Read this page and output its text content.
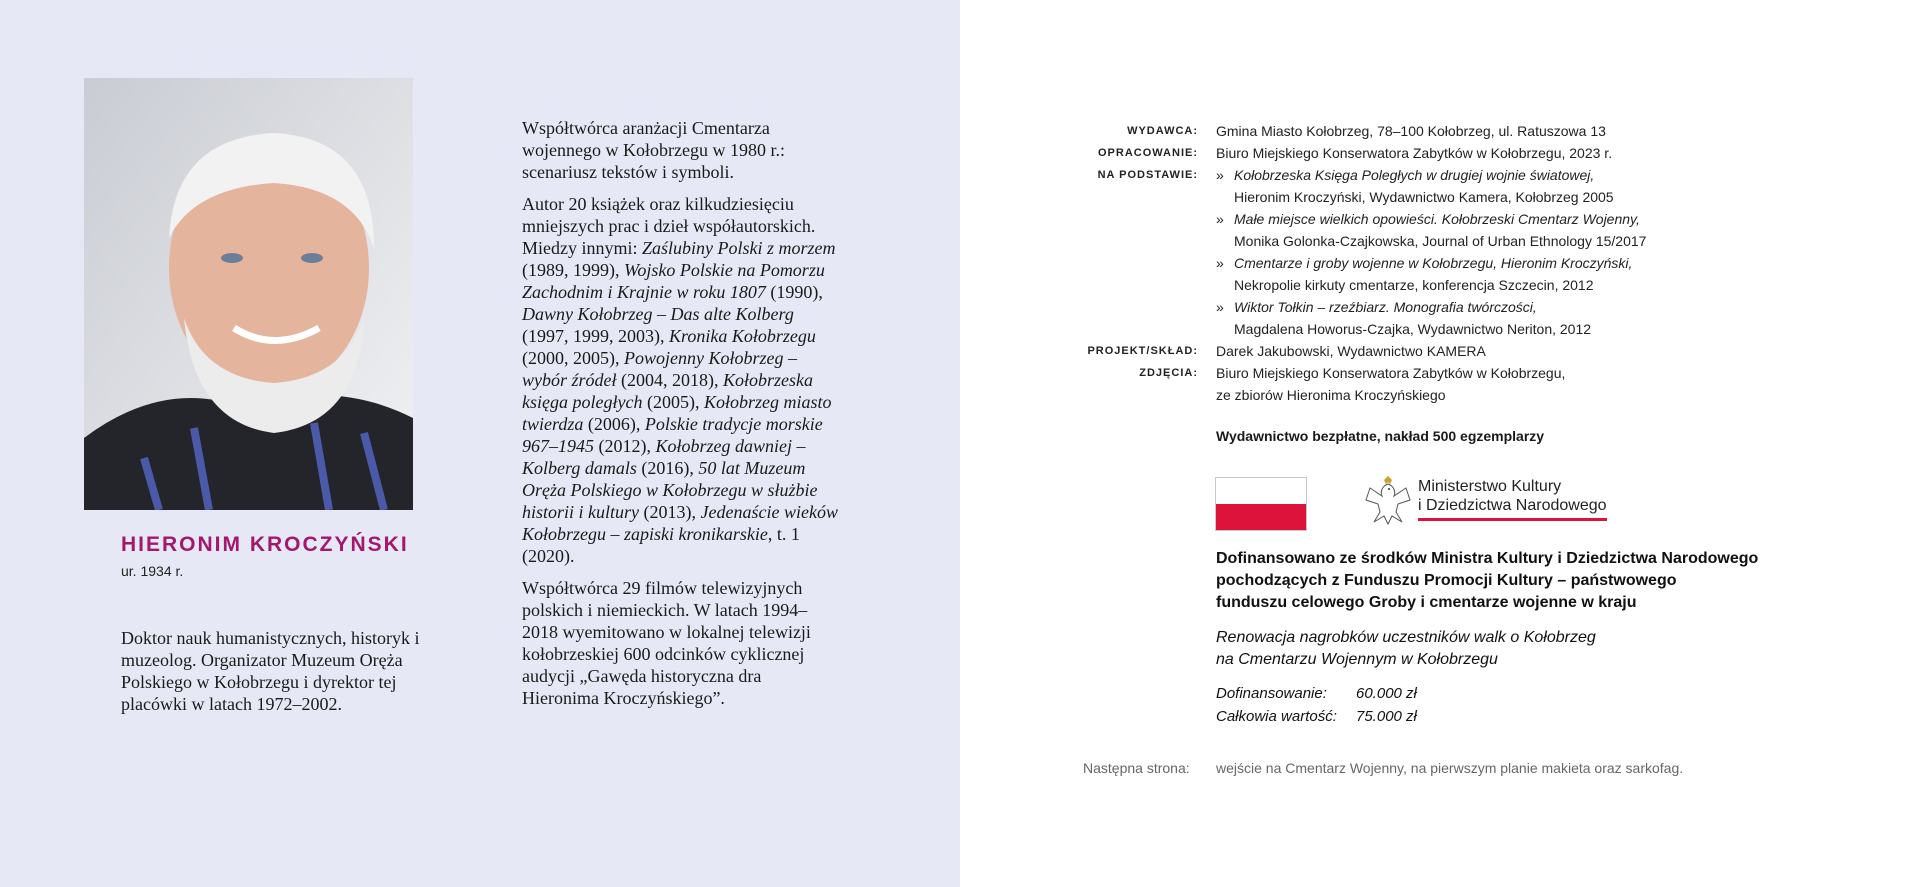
HIERONIM KROCZYŃSKI
ur. 1934 r.
Doktor nauk humanistycznych, historyk i muzeolog. Organizator Muzeum Oręża Polskiego w Kołobrzegu i dyrektor tej placówki w latach 1972–2002.

Współtwórca aranżacji Cmentarza wojennego w Kołobrzegu w 1980 r.: scenariusz tekstów i symboli.

Autor 20 książek oraz kilkudziesięciu mniejszych prac i dzieł współautorskich. Miedzy innymi: Zaślubiny Polski z morzem (1989, 1999), Wojsko Polskie na Pomorzu Zachodnim i Krajnie w roku 1807 (1990), Dawny Kołobrzeg – Das alte Kolberg (1997, 1999, 2003), Kronika Kołobrzegu (2000, 2005), Powojenny Kołobrzeg – wybór źródeł (2004, 2018), Kołobrzeska księga poległych (2005), Kołobrzeg miasto twierdza (2006), Polskie tradycje morskie 967–1945 (2012), Kołobrzeg dawniej – Kolberg damals (2016), 50 lat Muzeum Oręża Polskiego w Kołobrzegu w służbie historii i kultury (2013), Jedenaście wieków Kołobrzegu – zapiski kronikarskie, t. 1 (2020).

Współtwórca 29 filmów telewizyjnych polskich i niemieckich. W latach 1994–2018 wyemitowano w lokalnej telewizji kołobrzeskiej 600 odcinków cyklicznej audycji „Gawęda historyczna dra Hieronima Kroczyńskiego”.

WYDAWCA:	Gmina Miasto Kołobrzeg, 78–100 Kołobrzeg, ul. Ratuszowa 13
OPRACOWANIE:	Biuro Miejskiego Konserwatora Zabytków w Kołobrzegu, 2023 r.
NA PODSTAWIE:	» Kołobrzeska Księga Poległych w drugiej wojnie światowej,
Hieronim Kroczyński, Wydawnictwo Kamera, Kołobrzeg 2005
» Małe miejsce wielkich opowieści. Kołobrzeski Cmentarz Wojenny,
Monika Golonka-Czajkowska, Journal of Urban Ethnology 15/2017
» Cmentarze i groby wojenne w Kołobrzegu, Hieronim Kroczyński,
Nekropolie kirkuty cmentarze, konferencja Szczecin, 2012
» Wiktor Tołkin – rzeźbiarz. Monografia twórczości,
Magdalena Howorus-Czajka, Wydawnictwo Neriton, 2012
PROJEKT/SKŁAD:	Darek Jakubowski, Wydawnictwo KAMERA
ZDJĘCIA:	Biuro Miejskiego Konserwatora Zabytków w Kołobrzegu,
ze zbiorów Hieronima Kroczyńskiego
Wydawnictwo bezpłatne, nakład 500 egzemplarzy
Ministerstwo Kultury
i Dziedzictwa Narodowego
Dofinansowano ze środków Ministra Kultury i Dziedzictwa Narodowego
pochodzących z Funduszu Promocji Kultury – państwowego
funduszu celowego Groby i cmentarze wojenne w kraju
Renowacja nagrobków uczestników walk o Kołobrzeg
na Cmentarzu Wojennym w Kołobrzegu
Dofinansowanie:	60.000 zł
Całkowia wartość:	75.000 zł
Następna strona:	wejście na Cmentarz Wojenny, na pierwszym planie makieta oraz sarkofag.
